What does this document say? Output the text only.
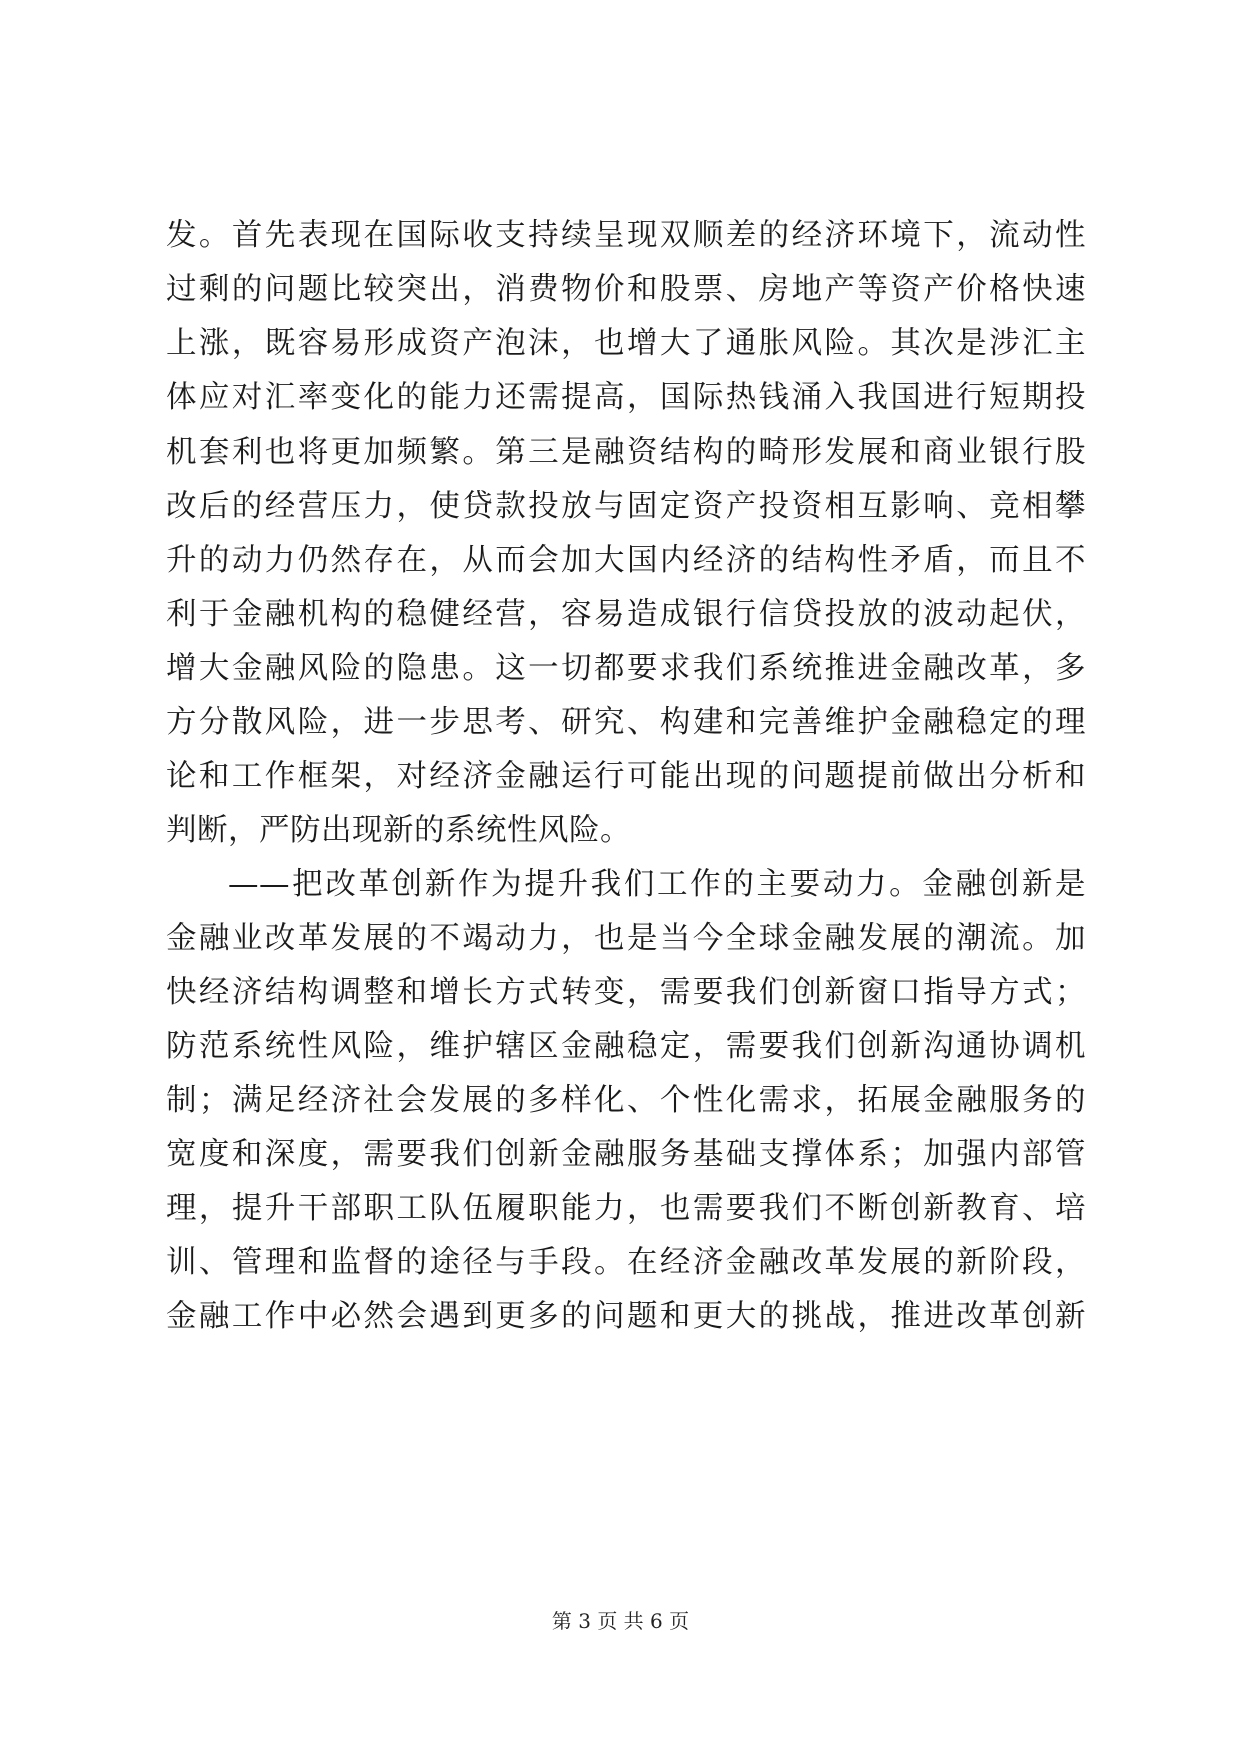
发。首先表现在国际收支持续呈现双顺差的经济环境下，流动性
过剩的问题比较突出，消费物价和股票、房地产等资产价格快速
上涨，既容易形成资产泡沫，也增大了通胀风险。其次是涉汇主
体应对汇率变化的能力还需提高，国际热钱涌入我国进行短期投
机套利也将更加频繁。第三是融资结构的畸形发展和商业银行股
改后的经营压力，使贷款投放与固定资产投资相互影响、竞相攀
升的动力仍然存在，从而会加大国内经济的结构性矛盾，而且不
利于金融机构的稳健经营，容易造成银行信贷投放的波动起伏，
增大金融风险的隐患。这一切都要求我们系统推进金融改革，多
方分散风险，进一步思考、研究、构建和完善维护金融稳定的理
论和工作框架，对经济金融运行可能出现的问题提前做出分析和
判断，严防出现新的系统性风险。
——把改革创新作为提升我们工作的主要动力。金融创新是
金融业改革发展的不竭动力，也是当今全球金融发展的潮流。加
快经济结构调整和增长方式转变，需要我们创新窗口指导方式；
防范系统性风险，维护辖区金融稳定，需要我们创新沟通协调机
制；满足经济社会发展的多样化、个性化需求，拓展金融服务的
宽度和深度，需要我们创新金融服务基础支撑体系；加强内部管
理，提升干部职工队伍履职能力，也需要我们不断创新教育、培
训、管理和监督的途径与手段。在经济金融改革发展的新阶段，
金融工作中必然会遇到更多的问题和更大的挑战，推进改革创新
第 3 页 共 6 页
